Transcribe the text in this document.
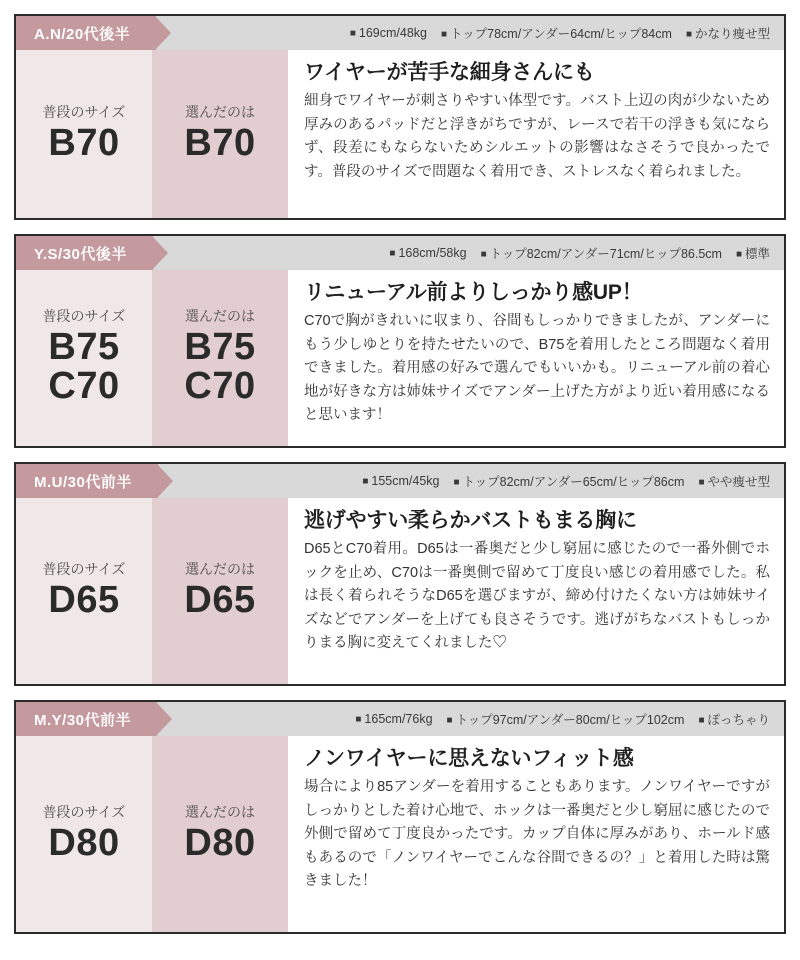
A.N/20代後半	■ 169cm/48kg	■ トップ78cm/アンダー64cm/ヒップ84cm	■ かなり痩せ型
普段のサイズ
B70
選んだのは
B70
ワイヤーが苦手な細身さんにも

細身でワイヤーが刺さりやすい体型です。バスト上辺の肉が少ないため厚みのあるパッドだと浮きがちですが、レースで若干の浮きも気にならず、段差にもならないためシルエットの影響はなさそうで良かったです。普段のサイズで問題なく着用でき、ストレスなく着られました。

Y.S/30代後半	■ 168cm/58kg	■ トップ82cm/アンダー71cm/ヒップ86.5cm	■ 標準
普段のサイズ
B75
C70
選んだのは
B75
C70
リニューアル前よりしっかり感UP！

C70で胸がきれいに収まり、谷間もしっかりできましたが、アンダーにもう少しゆとりを持たせたいので、B75を着用したところ問題なく着用できました。着用感の好みで選んでもいいかも。リニューアル前の着心地が好きな方は姉妹サイズでアンダー上げた方がより近い着用感になると思います！

M.U/30代前半	■ 155cm/45kg	■ トップ82cm/アンダー65cm/ヒップ86cm	■ やや痩せ型
普段のサイズ
D65
選んだのは
D65
逃げやすい柔らかバストもまる胸に

D65とC70着用。D65は一番奥だと少し窮屈に感じたので一番外側でホックを止め、C70は一番奥側で留めて丁度良い感じの着用感でした。私は長く着られそうなD65を選びますが、締め付けたくない方は姉妹サイズなどでアンダーを上げても良さそうです。逃げがちなバストもしっかりまる胸に変えてくれました♡

M.Y/30代前半	■ 165cm/76kg	■ トップ97cm/アンダー80cm/ヒップ102cm	■ ぽっちゃり
普段のサイズ
D80
選んだのは
D80
ノンワイヤーに思えないフィット感

場合により85アンダーを着用することもあります。ノンワイヤーですがしっかりとした着け心地で、ホックは一番奥だと少し窮屈に感じたので外側で留めて丁度良かったです。カップ自体に厚みがあり、ホールド感もあるので「ノンワイヤーでこんな谷間できるの？」と着用した時は驚きました！
